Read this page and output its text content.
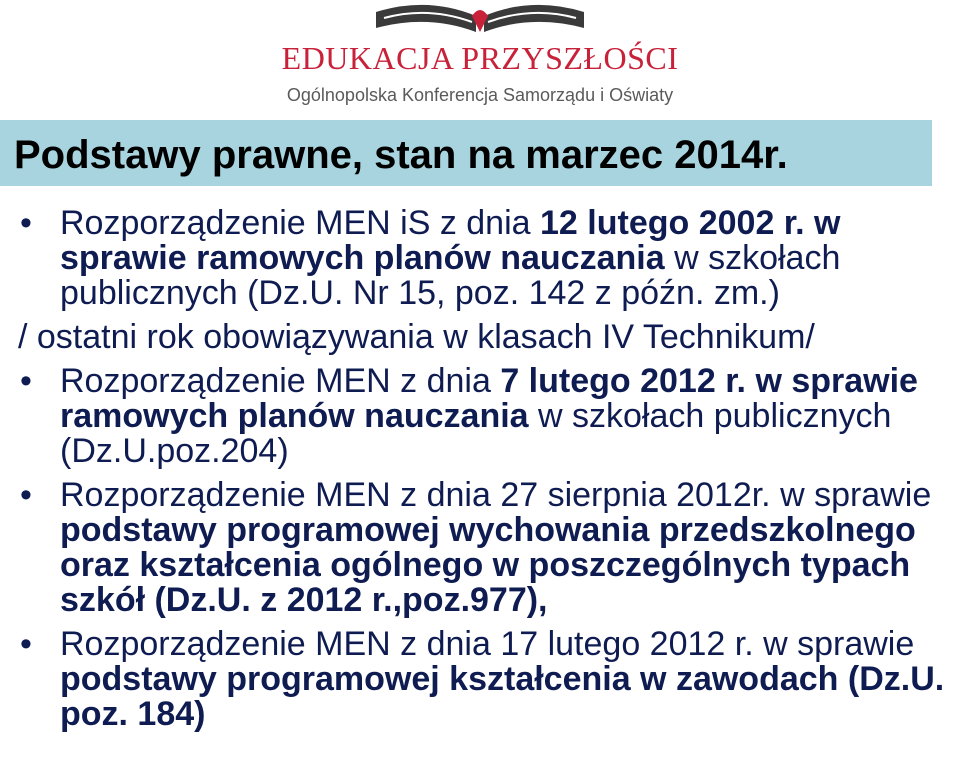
EDUKACJA PRZYSZŁOŚCI
Ogólnopolska Konferencja Samorządu i Oświaty
Podstawy prawne, stan na marzec 2014r.
• Rozporządzenie MEN iS z dnia 12 lutego 2002 r. w sprawie ramowych planów nauczania w szkołach publicznych (Dz.U. Nr 15, poz. 142 z późn. zm.)
/ ostatni rok obowiązywania w klasach IV Technikum/
• Rozporządzenie MEN z dnia 7 lutego 2012 r. w sprawie ramowych planów nauczania w szkołach publicznych (Dz.U.poz.204)
• Rozporządzenie MEN z dnia 27 sierpnia 2012r. w sprawie podstawy programowej wychowania przedszkolnego oraz kształcenia ogólnego w poszczególnych typach szkół (Dz.U. z 2012 r.,poz.977),
• Rozporządzenie MEN z dnia 17 lutego 2012 r. w sprawie podstawy programowej kształcenia w zawodach (Dz.U. poz. 184)
